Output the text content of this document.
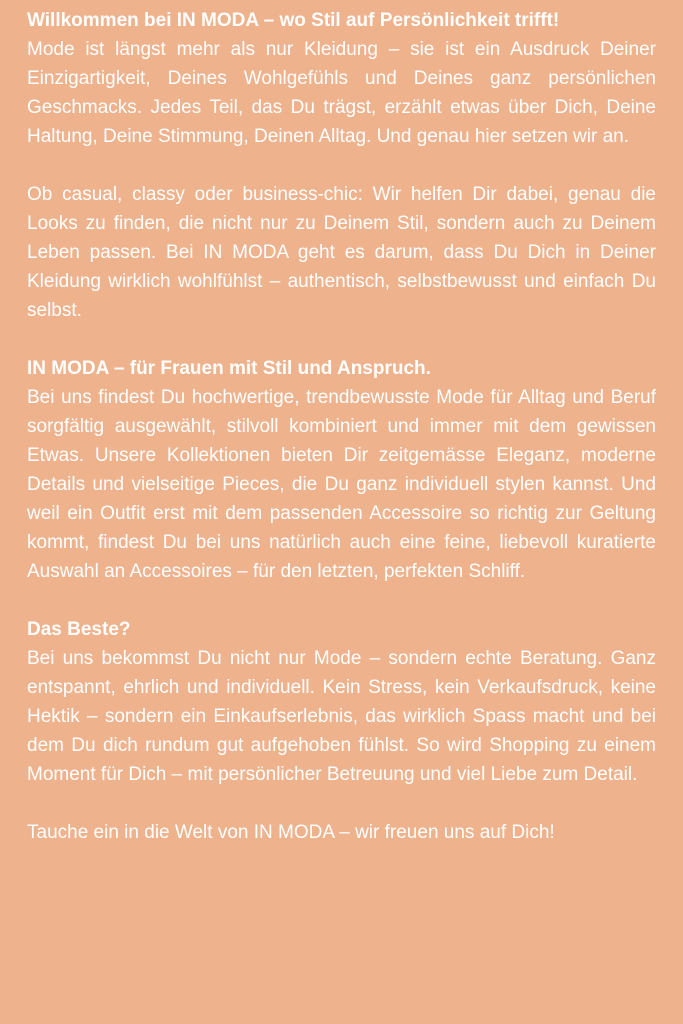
Willkommen bei IN MODA – wo Stil auf Persönlichkeit trifft!

Mode ist längst mehr als nur Kleidung – sie ist ein Ausdruck Deiner Einzigartigkeit, Deines Wohlgefühls und Deines ganz persönlichen Geschmacks. Jedes Teil, das Du trägst, erzählt etwas über Dich, Deine Haltung, Deine Stimmung, Deinen Alltag. Und genau hier setzen wir an.

Ob casual, classy oder business-chic: Wir helfen Dir dabei, genau die Looks zu finden, die nicht nur zu Deinem Stil, sondern auch zu Deinem Leben passen. Bei IN MODA geht es darum, dass Du Dich in Deiner Kleidung wirklich wohlfühlst – authentisch, selbstbewusst und einfach Du selbst.

IN MODA – für Frauen mit Stil und Anspruch.

Bei uns findest Du hochwertige, trendbewusste Mode für Alltag und Beruf sorgfältig ausgewählt, stilvoll kombiniert und immer mit dem gewissen Etwas. Unsere Kollektionen bieten Dir zeitgemässe Eleganz, moderne Details und vielseitige Pieces, die Du ganz individuell stylen kannst. Und weil ein Outfit erst mit dem passenden Accessoire so richtig zur Geltung kommt, findest Du bei uns natürlich auch eine feine, liebevoll kuratierte Auswahl an Accessoires – für den letzten, perfekten Schliff.

Das Beste?

Bei uns bekommst Du nicht nur Mode – sondern echte Beratung. Ganz entspannt, ehrlich und individuell. Kein Stress, kein Verkaufsdruck, keine Hektik – sondern ein Einkaufserlebnis, das wirklich Spass macht und bei dem Du dich rundum gut aufgehoben fühlst. So wird Shopping zu einem Moment für Dich – mit persönlicher Betreuung und viel Liebe zum Detail.

Tauche ein in die Welt von IN MODA – wir freuen uns auf Dich!
